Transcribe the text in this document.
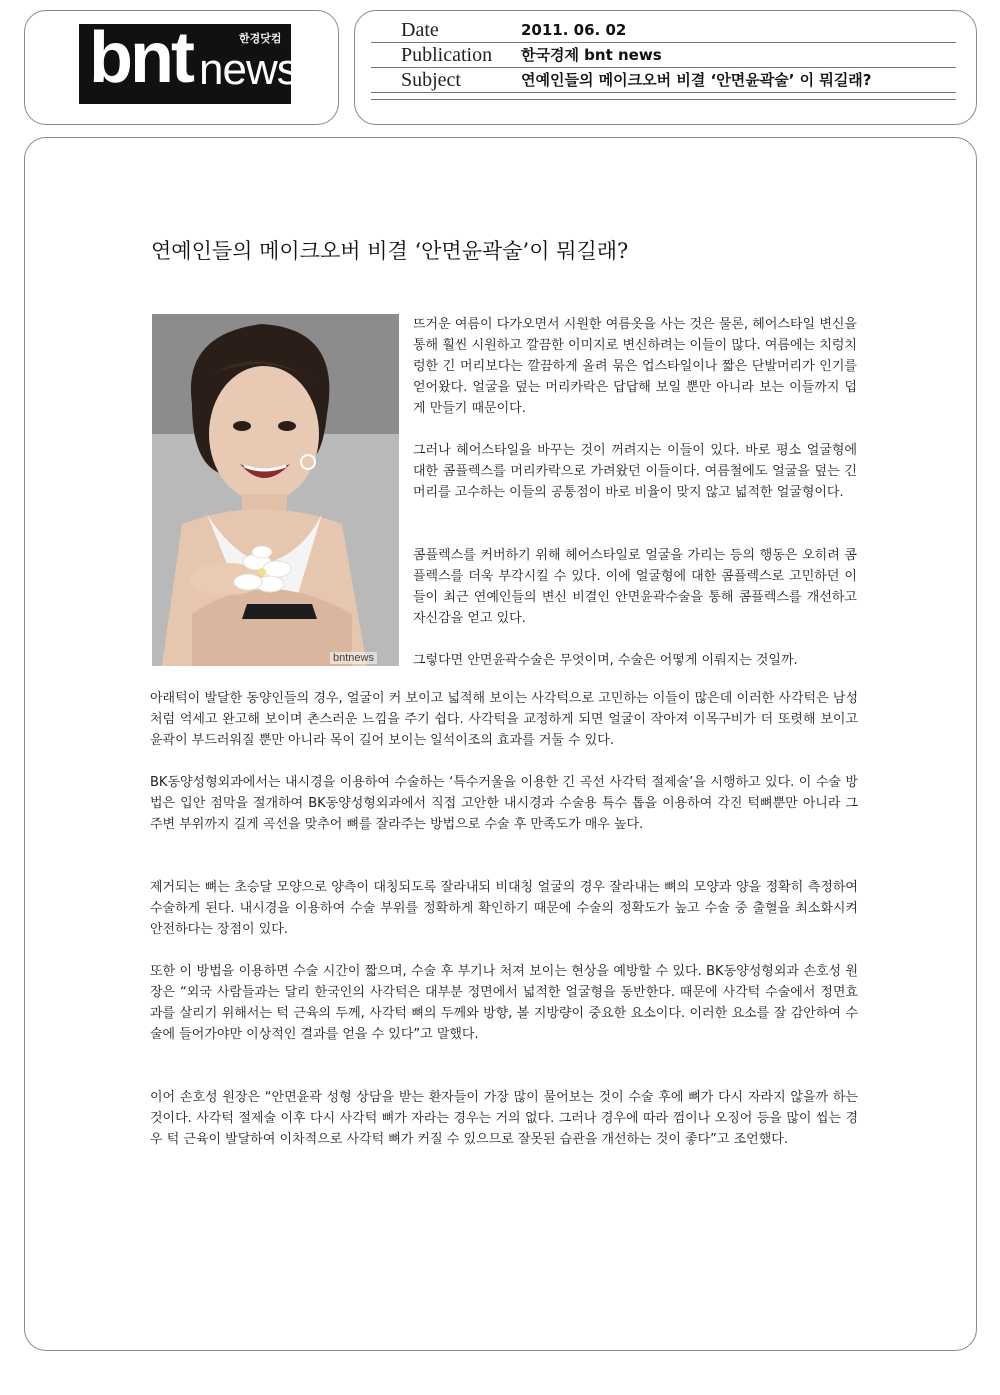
bnt news
한경닷컴	Date	2011. 06. 02
Publication 한국경제 bnt news
Subject	연예인들의 메이크오버 비결 ‘안면윤곽술’ 이 뭐길래?
연예인들의 메이크오버 비결 ‘안면윤곽술’이 뭐길래?
bntnews

뜨거운 여름이 다가오면서 시원한 여름옷을 사는 것은 물론, 헤어스타일 변신을 통해 훨씬 시원하고 깔끔한 이미지로 변신하려는 이들이 많다. 여름에는 치렁치렁한 긴 머리보다는 깔끔하게 올려 묶은 업스타일이나 짧은 단발머리가 인기를 얻어왔다. 얼굴을 덮는 머리카락은 답답해 보일 뿐만 아니라 보는 이들까지 덥게 만들기 때문이다.

그러나 헤어스타일을 바꾸는 것이 꺼려지는 이들이 있다. 바로 평소 얼굴형에 대한 콤플렉스를 머리카락으로 가려왔던 이들이다. 여름철에도 얼굴을 덮는 긴 머리를 고수하는 이들의 공통점이 바로 비율이 맞지 않고 넓적한 얼굴형이다.

콤플렉스를 커버하기 위해 헤어스타일로 얼굴을 가리는 등의 행동은 오히려 콤플렉스를 더욱 부각시킬 수 있다. 이에 얼굴형에 대한 콤플렉스로 고민하던 이들이 최근 연예인들의 변신 비결인 안면윤곽수술을 통해 콤플렉스를 개선하고 자신감을 얻고 있다.

그렇다면 안면윤곽수술은 무엇이며, 수술은 어떻게 이뤄지는 것일까.

아래턱이 발달한 동양인들의 경우, 얼굴이 커 보이고 넓적해 보이는 사각턱으로 고민하는 이들이 많은데 이러한 사각턱은 남성처럼 억세고 완고해 보이며 촌스러운 느낌을 주기 쉽다. 사각턱을 교정하게 되면 얼굴이 작아져 이목구비가 더 또렷해 보이고 윤곽이 부드러워질 뿐만 아니라 목이 길어 보이는 일석이조의 효과를 거둘 수 있다.

BK동양성형외과에서는 내시경을 이용하여 수술하는 ‘특수거울을 이용한 긴 곡선 사각턱 절제술’을 시행하고 있다. 이 수술 방법은 입안 점막을 절개하여 BK동양성형외과에서 직접 고안한 내시경과 수술용 특수 톱을 이용하여 각진 턱뼈뿐만 아니라 그 주변 부위까지 길게 곡선을 맞추어 뼈를 잘라주는 방법으로 수술 후 만족도가 매우 높다.

제거되는 뼈는 초승달 모양으로 양측이 대칭되도록 잘라내되 비대칭 얼굴의 경우 잘라내는 뼈의 모양과 양을 정확히 측정하여 수술하게 된다. 내시경을 이용하여 수술 부위를 정확하게 확인하기 때문에 수술의 정확도가 높고 수술 중 출혈을 최소화시켜 안전하다는 장점이 있다.

또한 이 방법을 이용하면 수술 시간이 짧으며, 수술 후 부기나 처져 보이는 현상을 예방할 수 있다. BK동양성형외과 손호성 원장은 “외국 사람들과는 달리 한국인의 사각턱은 대부분 정면에서 넓적한 얼굴형을 동반한다. 때문에 사각턱 수술에서 정면효과를 살리기 위해서는 턱 근육의 두께, 사각턱 뼈의 두께와 방향, 볼 지방량이 중요한 요소이다. 이러한 요소를 잘 감안하여 수술에 들어가야만 이상적인 결과를 얻을 수 있다”고 말했다.

이어 손호성 원장은 “안면윤곽 성형 상담을 받는 환자들이 가장 많이 물어보는 것이 수술 후에 뼈가 다시 자라지 않을까 하는 것이다. 사각턱 절제술 이후 다시 사각턱 뼈가 자라는 경우는 거의 없다. 그러나 경우에 따라 껌이나 오징어 등을 많이 씹는 경우 턱 근육이 발달하여 이차적으로 사각턱 뼈가 커질 수 있으므로 잘못된 습관을 개선하는 것이 좋다”고 조언했다.
